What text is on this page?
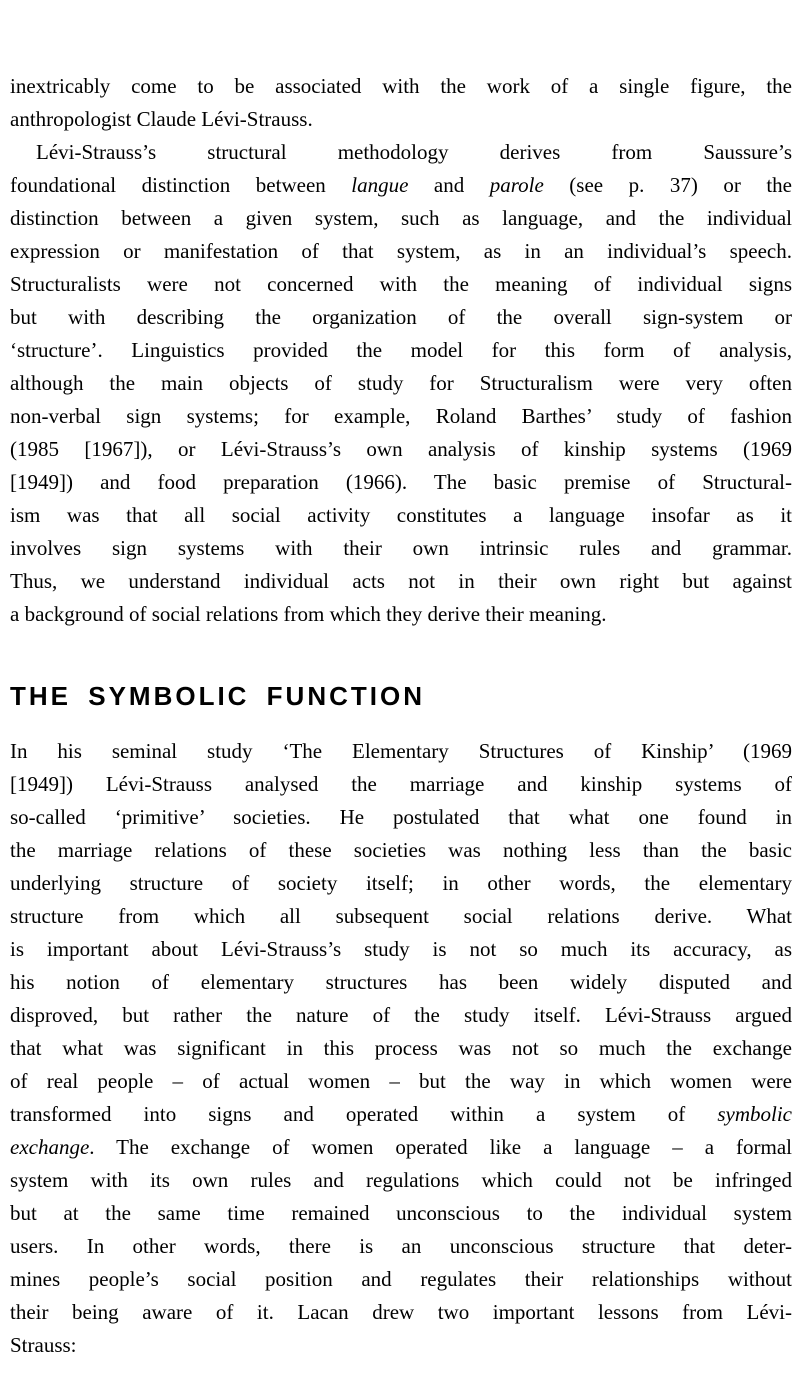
inextricably come to be associated with the work of a single figure, the
anthropologist Claude Lévi-Strauss.
Lévi-Strauss’s structural methodology derives from Saussure’s
foundational distinction between langue and parole (see p. 37) or the
distinction between a given system, such as language, and the individual
expression or manifestation of that system, as in an individual’s speech.
Structuralists were not concerned with the meaning of individual signs
but with describing the organization of the overall sign-system or
‘structure’. Linguistics provided the model for this form of analysis,
although the main objects of study for Structuralism were very often
non-verbal sign systems; for example, Roland Barthes’ study of fashion
(1985 [1967]), or Lévi-Strauss’s own analysis of kinship systems (1969
[1949]) and food preparation (1966). The basic premise of Structural-
ism was that all social activity constitutes a language insofar as it
involves sign systems with their own intrinsic rules and grammar.
Thus, we understand individual acts not in their own right but against
a background of social relations from which they derive their meaning.
THE SYMBOLIC FUNCTION
In his seminal study ‘The Elementary Structures of Kinship’ (1969
[1949]) Lévi-Strauss analysed the marriage and kinship systems of
so-called ‘primitive’ societies. He postulated that what one found in
the marriage relations of these societies was nothing less than the basic
underlying structure of society itself; in other words, the elementary
structure from which all subsequent social relations derive. What
is important about Lévi-Strauss’s study is not so much its accuracy, as
his notion of elementary structures has been widely disputed and
disproved, but rather the nature of the study itself. Lévi-Strauss argued
that what was significant in this process was not so much the exchange
of real people – of actual women – but the way in which women were
transformed into signs and operated within a system of symbolic
exchange. The exchange of women operated like a language – a formal
system with its own rules and regulations which could not be infringed
but at the same time remained unconscious to the individual system
users. In other words, there is an unconscious structure that deter-
mines people’s social position and regulates their relationships without
their being aware of it. Lacan drew two important lessons from Lévi-
Strauss:
